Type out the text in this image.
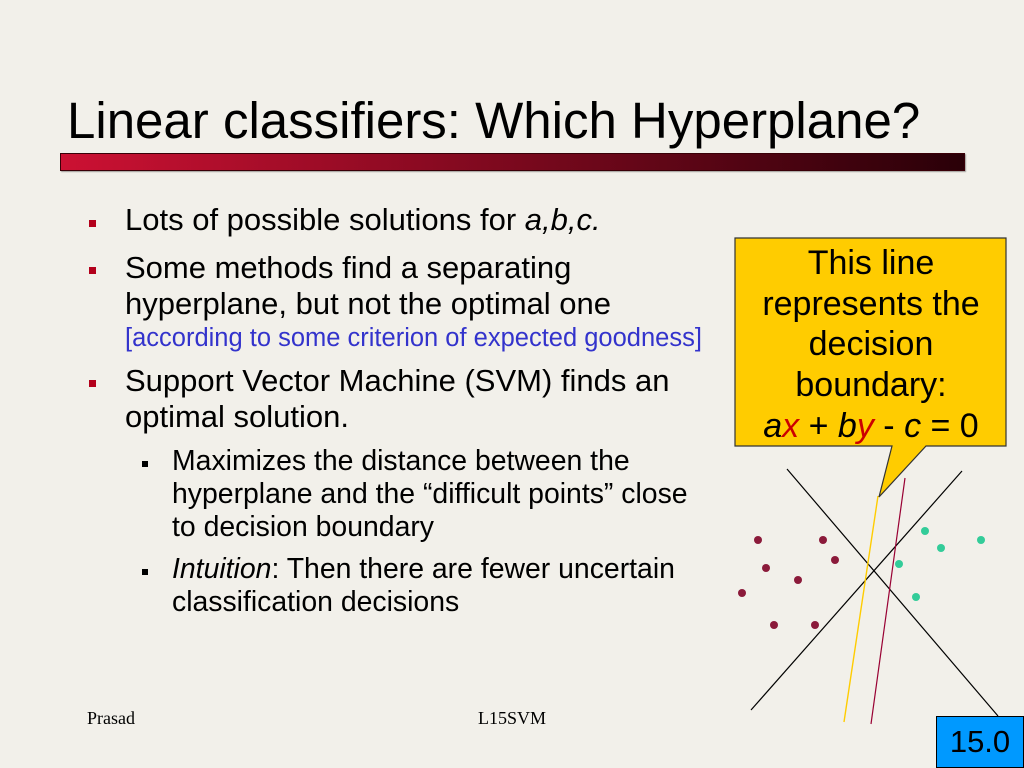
Linear classifiers: Which Hyperplane?
Lots of possible solutions for a,b,c.
Some methods find a separating
hyperplane, but not the optimal one
[according to some criterion of expected goodness]
Support Vector Machine (SVM) finds an
optimal solution.
Maximizes the distance between the
hyperplane and the “difficult points” close
to decision boundary
Intuition: Then there are fewer uncertain
classification decisions
This line
represents the
decision
boundary:
ax + by - c = 0
Prasad	L15SVM
15.0
